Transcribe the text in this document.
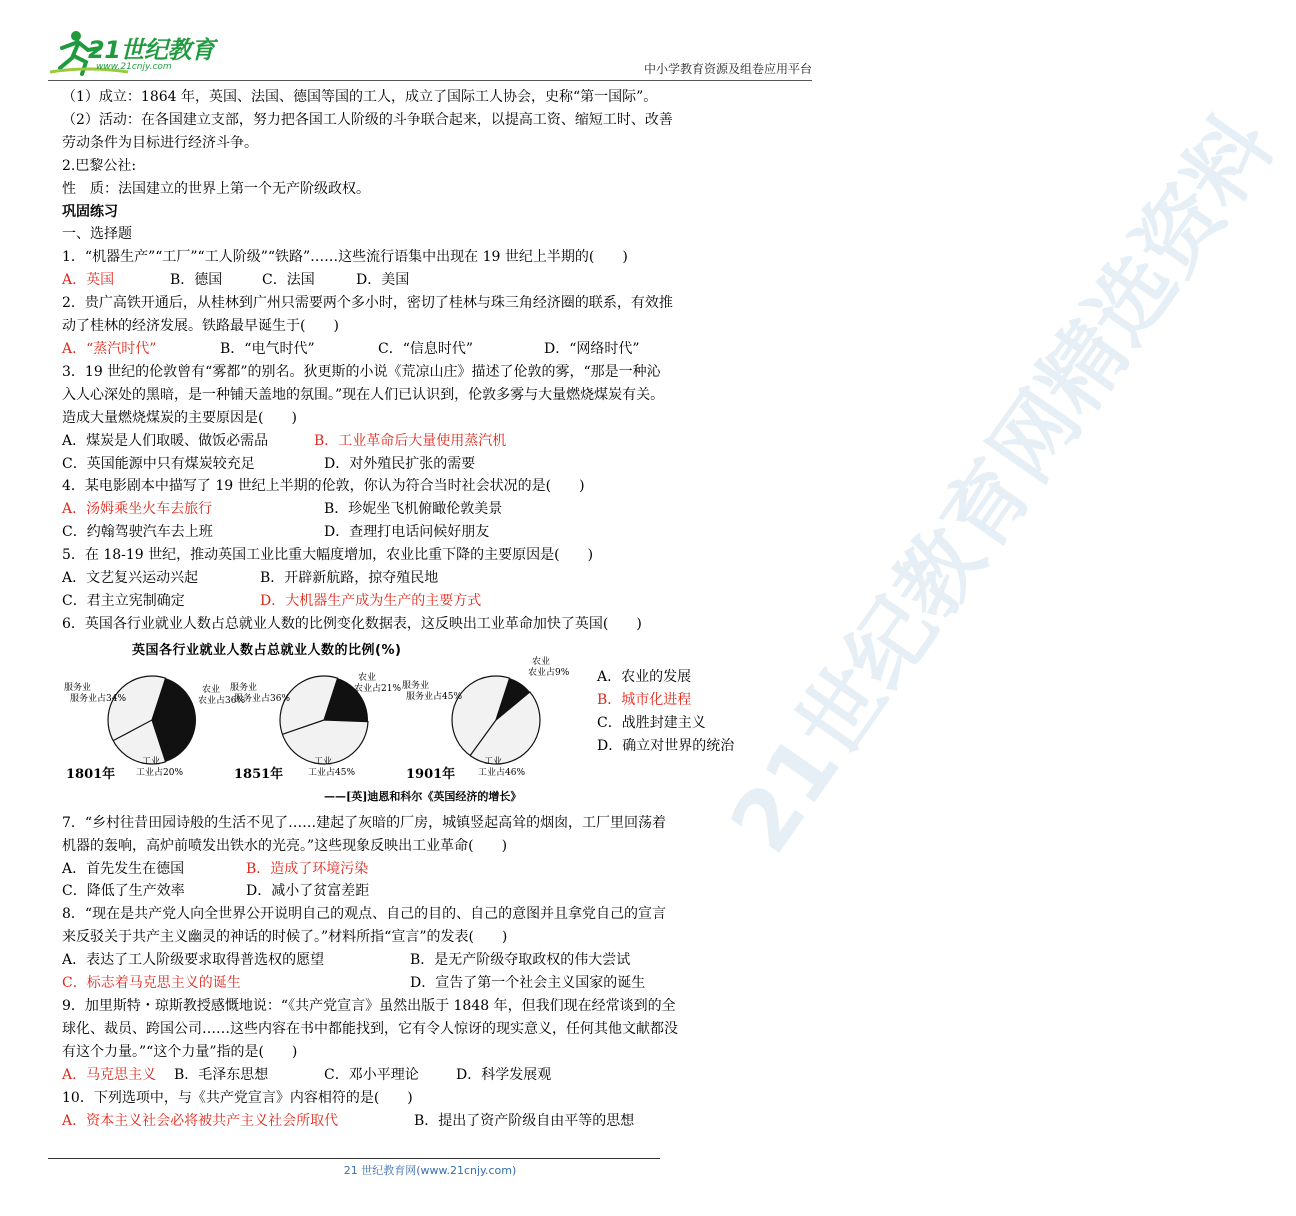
21世纪教育
www.21cnjy.com	中小学教育资源及组卷应用平台
21世纪教育网精选资料

（1）成立：1864 年，英国、法国、德国等国的工人，成立了国际工人协会，史称“第一国际”。

（2）活动：在各国建立支部，努力把各国工人阶级的斗争联合起来，以提高工资、缩短工时、改善

劳动条件为目标进行经济斗争。

2.巴黎公社:

性　质：法国建立的世界上第一个无产阶级政权。

巩固练习

一、选择题

1．“机器生产”“工厂”“工人阶级”“铁路”……这些流行语集中出现在 19 世纪上半期的(　　)

A．英国	B．德国	C．法国	D．美国

2．贵广高铁开通后，从桂林到广州只需要两个多小时，密切了桂林与珠三角经济圈的联系，有效推

动了桂林的经济发展。铁路最早诞生于(　　)

A．“蒸汽时代”	B．“电气时代”	C．“信息时代”	D．“网络时代”

3．19 世纪的伦敦曾有“雾都”的别名。狄更斯的小说《荒凉山庄》描述了伦敦的雾，“那是一种沁

入人心深处的黑暗，是一种铺天盖地的氛围。”现在人们已认识到，伦敦多雾与大量燃烧煤炭有关。

造成大量燃烧煤炭的主要原因是(　　)

A．煤炭是人们取暖、做饭必需品	B．工业革命后大量使用蒸汽机

C．英国能源中只有煤炭较充足	D．对外殖民扩张的需要

4．某电影剧本中描写了 19 世纪上半期的伦敦，你认为符合当时社会状况的是(　　)

A．汤姆乘坐火车去旅行	B．珍妮坐飞机俯瞰伦敦美景

C．约翰驾驶汽车去上班	D．查理打电话问候好朋友

5．在 18-19 世纪，推动英国工业比重大幅度增加，农业比重下降的主要原因是(　　)

A．文艺复兴运动兴起	B．开辟新航路，掠夺殖民地

C．君主立宪制确定	D．大机器生产成为生产的主要方式

6．英国各行业就业人数占总就业人数的比例变化数据表，这反映出工业革命加快了英国(　　)

英国各行业就业人数占总就业人数的比例(%)
服务业 服务业占34%
农业 农业占36%
工业 工业占20%
1801年
服务业 服务业占36%
农业 农业占21%
工业 工业占45%
1851年
服务业 服务业占45%
农业 农业占9%
工业 工业占46%
1901年
——[英]迪恩和科尔《英国经济的增长》
A．农业的发展
B．城市化进程
C．战胜封建主义
D．确立对世界的统治

7．“乡村往昔田园诗般的生活不见了……建起了灰暗的厂房，城镇竖起高耸的烟囱，工厂里回荡着

机器的轰响，高炉前喷发出铁水的光亮。”这些现象反映出工业革命(　　)

A．首先发生在德国	B．造成了环境污染

C．降低了生产效率	D．减小了贫富差距

8．“现在是共产党人向全世界公开说明自己的观点、自己的目的、自己的意图并且拿党自己的宣言

来反驳关于共产主义幽灵的神话的时候了。”材料所指“宣言”的发表(　　)

A．表达了工人阶级要求取得普选权的愿望	B．是无产阶级夺取政权的伟大尝试

C．标志着马克思主义的诞生	D．宣告了第一个社会主义国家的诞生

9．加里斯特・琼斯教授感慨地说：“《共产党宣言》虽然出版于 1848 年，但我们现在经常谈到的全

球化、裁员、跨国公司……这些内容在书中都能找到，它有令人惊讶的现实意义，任何其他文献都没

有这个力量。”“这个力量”指的是(　　)

A．马克思主义	B．毛泽东思想	C．邓小平理论	D．科学发展观

10．下列选项中，与《共产党宣言》内容相符的是(　　)

A．资本主义社会必将被共产主义社会所取代	B．提出了资产阶级自由平等的思想

21 世纪教育网(www.21cnjy.com)
